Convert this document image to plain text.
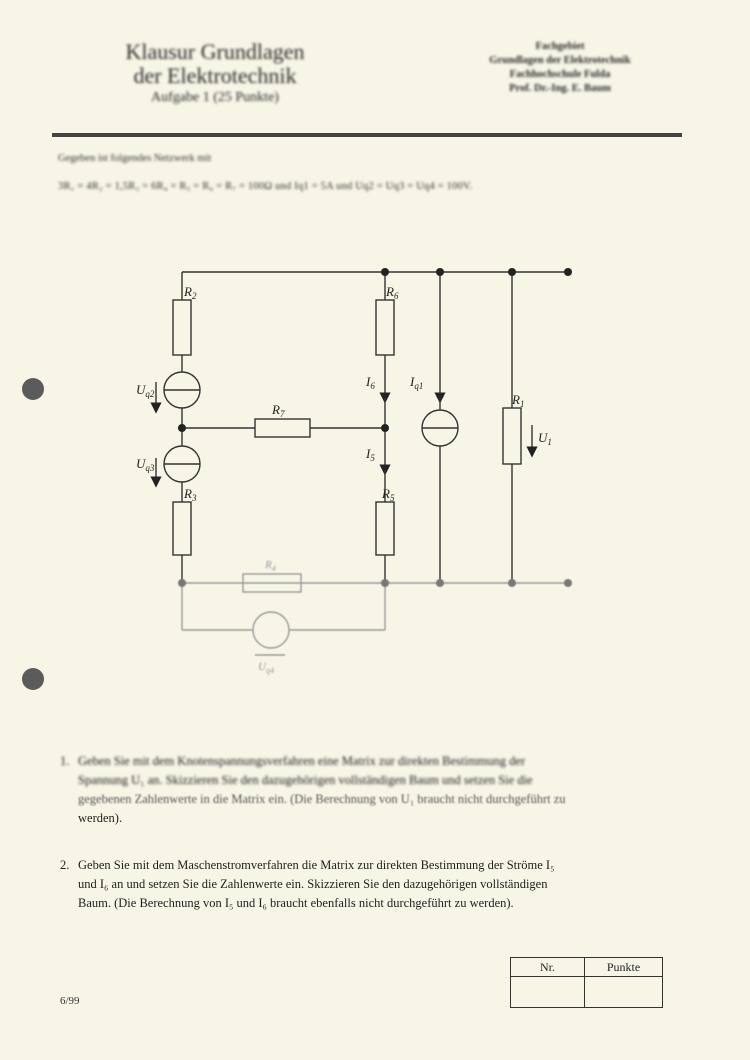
Klausur Grundlagen
der Elektrotechnik
Aufgabe 1 (25 Punkte)
Fachgebiet
Grundlagen der Elektrotechnik
Fachhochschule Fulda
Prof. Dr.-Ing. E. Baum
Gegeben ist folgendes Netzwerk mit
3R₁ = 4R₂ = 1,5R₃ = 6R₄ = R₅ = R₆ = R₇ = 100Ω und Iq1 = 5A und Uq2 = Uq3 = Uq4 = 100V.
$R_2$	$R_6$
$R_7$
$R_3$	$R_5$
$R_1$
$U_{q2}$
$U_{q3}$
$I_6$
$I_5$
$I_{q1}$
$U_1$
$R_4$
$U_{q4}$
1. Geben Sie mit dem Knotenspannungsverfahren eine Matrix zur direkten Bestimmung der
Spannung U₁ an. Skizzieren Sie den dazugehörigen vollständigen Baum und setzen Sie die
gegebenen Zahlenwerte in die Matrix ein. (Die Berechnung von U₁ braucht nicht durchgeführt zu
werden).
2. Geben Sie mit dem Maschenstromverfahren die Matrix zur direkten Bestimmung der Ströme I₅
und I₆ an und setzen Sie die Zahlenwerte ein. Skizzieren Sie den dazugehörigen vollständigen
Baum. (Die Berechnung von I₅ und I₆ braucht ebenfalls nicht durchgeführt zu werden).
Nr.	Punkte

6/99
